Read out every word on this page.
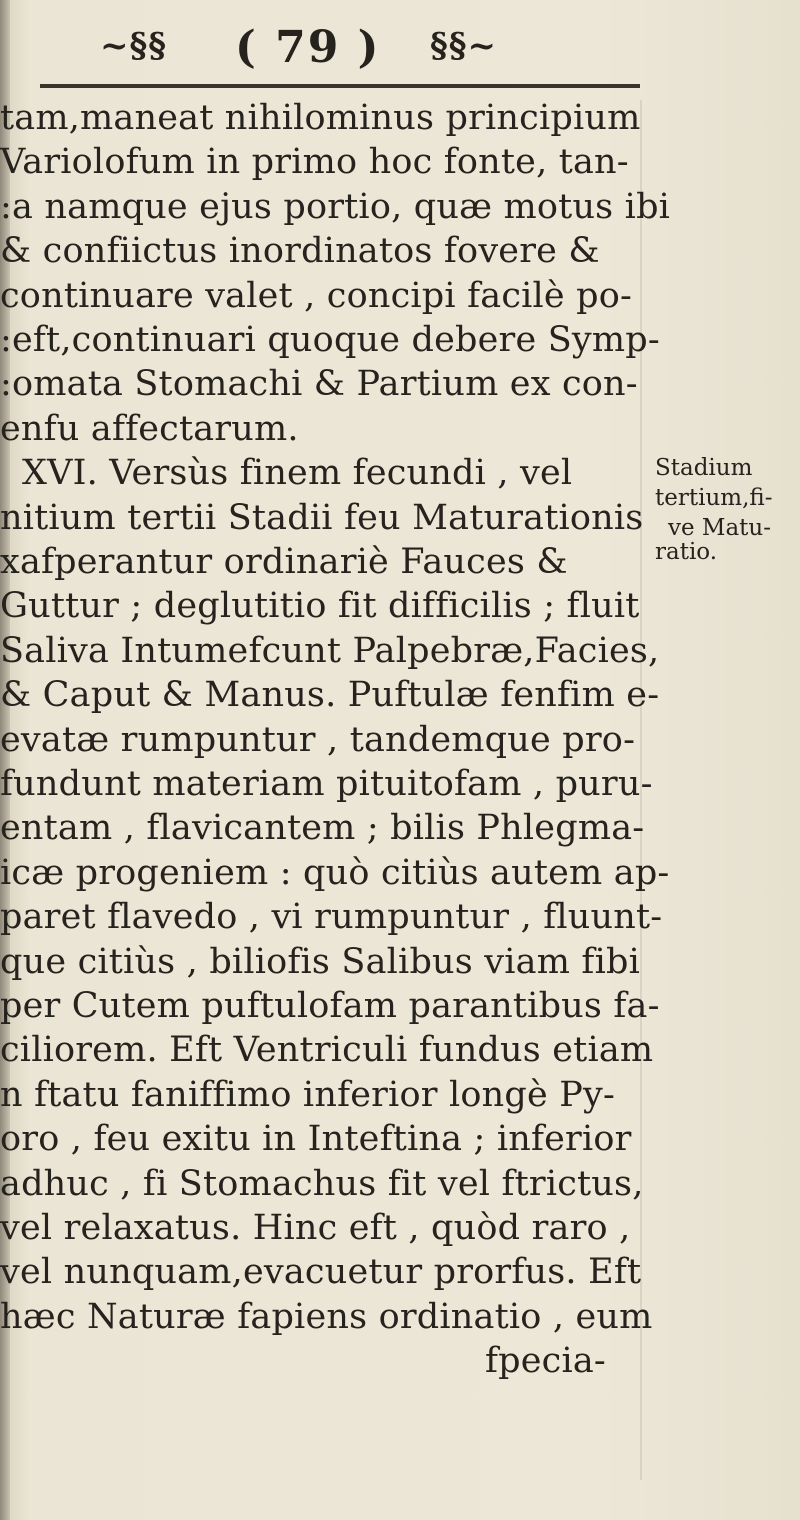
~§§ ( 79 ) §§~
tam,maneat nihilominus principium
Variolofum in primo hoc fonte, tan-
:a namque ejus portio, quæ motus ibi
& confiictus inordinatos fovere &
continuare valet , concipi facilè po-
:eft,continuari quoque debere Symp-
:omata Stomachi & Partium ex con-
enfu affectarum.
XVI. Versùs finem fecundi , vel
nitium tertii Stadii feu Maturationis
xafperantur ordinariè Fauces &
Guttur ; deglutitio fit difficilis ; fluit
Saliva Intumefcunt Palpebræ,Facies,
& Caput & Manus. Puftulæ fenfim e-
evatæ rumpuntur , tandemque pro-
fundunt materiam pituitofam , puru-
entam , flavicantem ; bilis Phlegma-
icæ progeniem : quò citiùs autem ap-
paret flavedo , vi rumpuntur , fluunt-
que citiùs , biliofis Salibus viam fibi
per Cutem puftulofam parantibus fa-
ciliorem. Eft Ventriculi fundus etiam
n ftatu faniffimo inferior longè Py-
oro , feu exitu in Inteftina ; inferior
adhuc , fi Stomachus fit vel ftrictus,
vel relaxatus. Hinc eft , quòd raro ,
vel nunquam,evacuetur prorfus. Eft
hæc Naturæ fapiens ordinatio , eum
fpecia-
Stadium
tertium,fi-
ve Matu-
ratio.
